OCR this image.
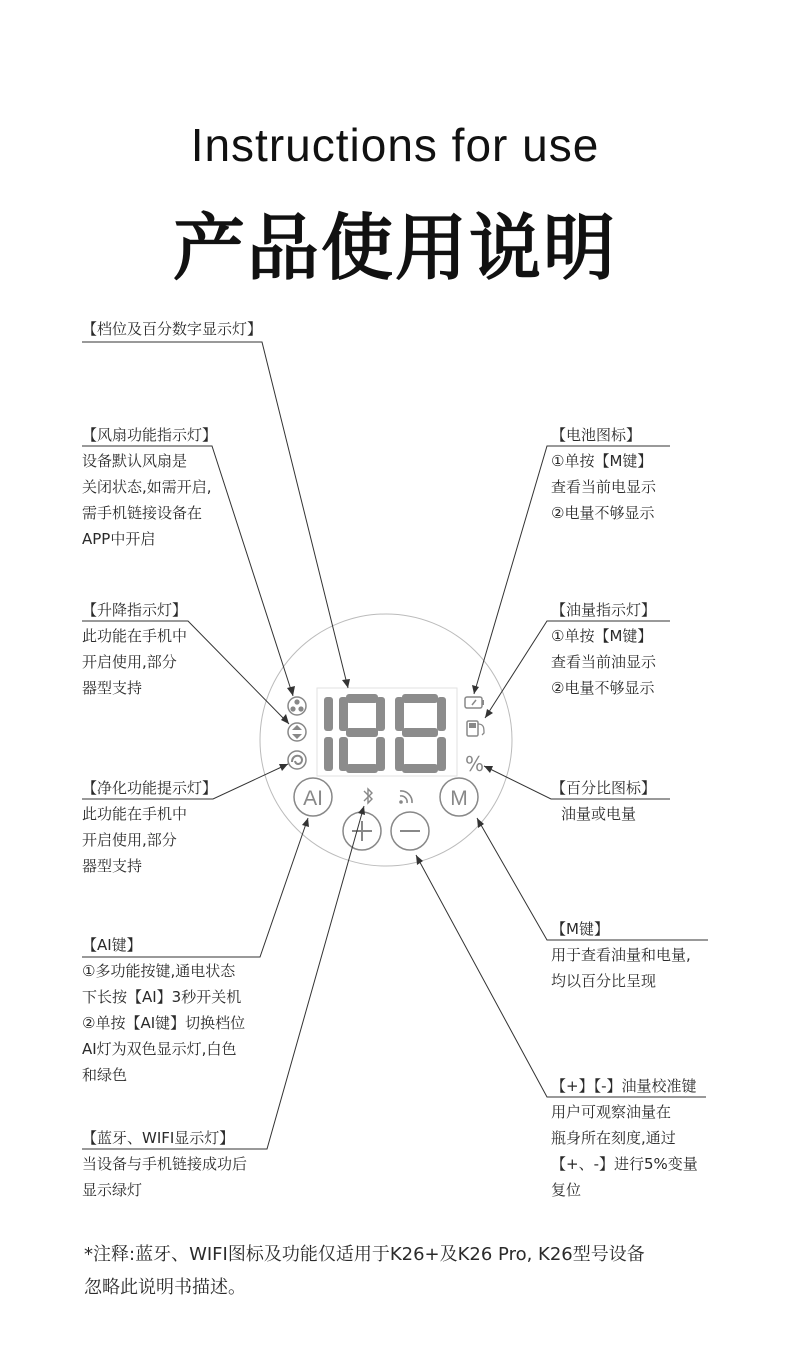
Instructions for use
产品使用说明
%
AI	M
【档位及百分数字显示灯】
【风扇功能指示灯】
设备默认风扇是
关闭状态,如需开启,
需手机链接设备在
APP中开启
【升降指示灯】
此功能在手机中
开启使用,部分
器型支持
【净化功能提示灯】
此功能在手机中
开启使用,部分
器型支持
【AI键】
①多功能按键,通电状态
下长按【AI】3秒开关机
②单按【AI键】切换档位
AI灯为双色显示灯,白色
和绿色
【蓝牙、WIFI显示灯】
当设备与手机链接成功后
显示绿灯
【电池图标】
①单按【M键】
查看当前电显示
②电量不够显示
【油量指示灯】
①单按【M键】
查看当前油显示
②电量不够显示
【百分比图标】
油量或电量
【M键】
用于查看油量和电量,
均以百分比呈现
【+】【-】油量校准键
用户可观察油量在
瓶身所在刻度,通过
【+、-】进行5%变量
复位
*注释:蓝牙、WIFI图标及功能仅适用于K26+及K26 Pro, K26型号设备
忽略此说明书描述。
